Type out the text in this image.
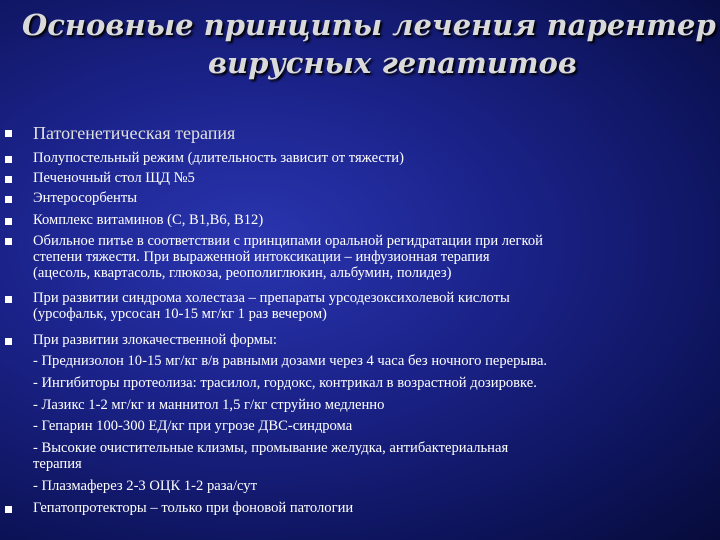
Основные принципы лечения парентер
вирусных гепатитов
Патогенетическая терапия
Полупостельный режим (длительность зависит от тяжести)
Печеночный стол ЩД №5
Энтеросорбенты
Комплекс витаминов (С, В1,В6, В12)
Обильное питье в соответствии с принципами оральной регидратации при легкой
степени тяжести. При выраженной интоксикации – инфузионная терапия
(ацесоль, квартасоль, глюкоза, реополиглюкин, альбумин, полидез)
При развитии синдрома холестаза – препараты урсодезоксихолевой кислоты
(урсофальк, урсосан 10-15 мг/кг 1 раз вечером)
При развитии злокачественной формы:
- Преднизолон 10-15 мг/кг в/в равными дозами через 4 часа без ночного перерыва.
- Ингибиторы протеолиза: трасилол, гордокс, контрикал в возрастной дозировке.
- Лазикс 1-2 мг/кг и маннитол 1,5 г/кг струйно медленно
- Гепарин 100-300 ЕД/кг при угрозе ДВС-синдрома
- Высокие очистительные клизмы, промывание желудка, антибактериальная
терапия
- Плазмаферез 2-3 ОЦК 1-2 раза/сут
Гепатопротекторы – только при фоновой патологии
